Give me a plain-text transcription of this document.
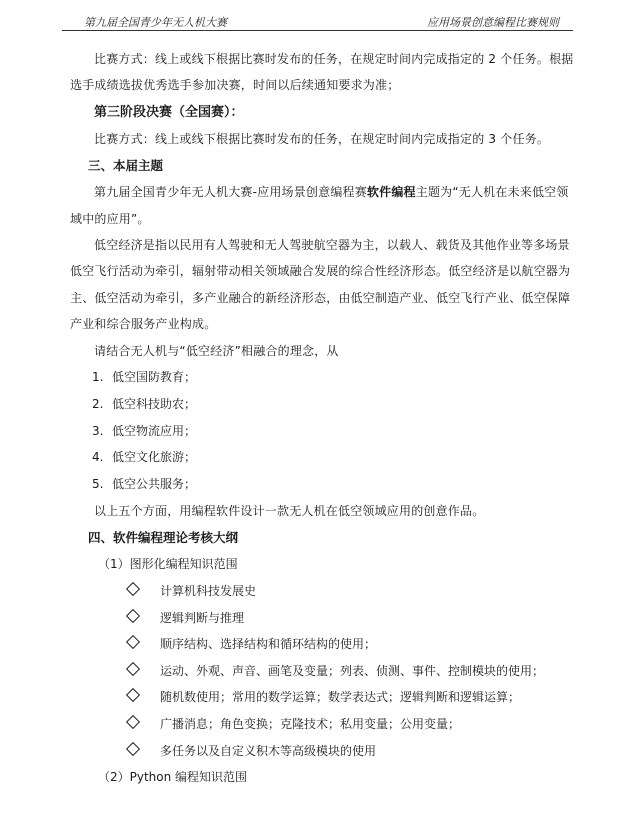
第九届全国青少年无人机大赛	应用场景创意编程比赛规则

比赛方式：线上或线下根据比赛时发布的任务，在规定时间内完成指定的 2 个任务。根据选手成绩选拔优秀选手参加决赛，时间以后续通知要求为准；

第三阶段决赛（全国赛）：

比赛方式：线上或线下根据比赛时发布的任务，在规定时间内完成指定的 3 个任务。

三、本届主题

第九届全国青少年无人机大赛-应用场景创意编程赛软件编程主题为“无人机在未来低空领域中的应用”。

低空经济是指以民用有人驾驶和无人驾驶航空器为主，以载人、载货及其他作业等多场景低空飞行活动为牵引，辐射带动相关领域融合发展的综合性经济形态。低空经济是以航空器为主、低空活动为牵引，多产业融合的新经济形态，由低空制造产业、低空飞行产业、低空保障产业和综合服务产业构成。

请结合无人机与“低空经济”相融合的理念，从

1. 低空国防教育；

2. 低空科技助农；

3. 低空物流应用；

4. 低空文化旅游；

5. 低空公共服务；

以上五个方面，用编程软件设计一款无人机在低空领域应用的创意作品。

四、软件编程理论考核大纲

（1）图形化编程知识范围

计算机科技发展史

逻辑判断与推理

顺序结构、选择结构和循环结构的使用；

运动、外观、声音、画笔及变量；列表、侦测、事件、控制模块的使用；

随机数使用；常用的数学运算；数学表达式；逻辑判断和逻辑运算；

广播消息；角色变换；克隆技术；私用变量；公用变量；

多任务以及自定义积木等高级模块的使用

（2）Python 编程知识范围
